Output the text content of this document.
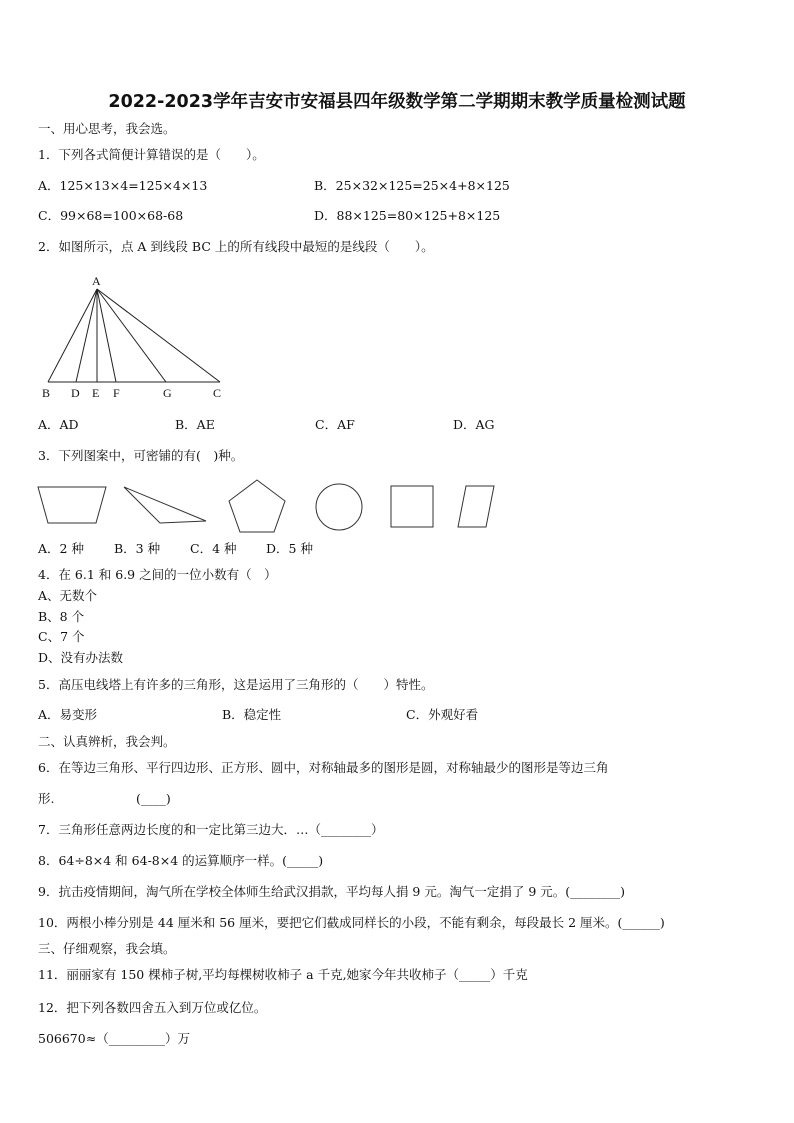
2022-2023学年吉安市安福县四年级数学第二学期期末教学质量检测试题
一、用心思考，我会选。
1．下列各式简便计算错误的是（　　）。
A．125×13×4=125×4×13	B．25×32×125=25×4+8×125
C．99×68=100×68-68	D．88×125=80×125+8×125
2．如图所示，点 A 到线段 BC 上的所有线段中最短的是线段（　　）。
A
B D E F	G	C
A．AD	B．AE	C．AF	D．AG
3．下列图案中，可密铺的有(　)种。
A．2 种 B．3 种 C．4 种 D．5 种
4．在 6.1 和 6.9 之间的一位小数有（　）
A、无数个
B、8 个
C、7 个
D、没有办法数
5．高压电线塔上有许多的三角形，这是运用了三角形的（　　）特性。
A．易变形	B．稳定性	C．外观好看
二、认真辨析，我会判。
6．在等边三角形、平行四边形、正方形、圆中，对称轴最多的图形是圆，对称轴最少的图形是等边三角
形.	(____)
7．三角形任意两边长度的和一定比第三边大．…（________）
8．64÷8×4 和 64-8×4 的运算顺序一样。(_____)
9．抗击疫情期间，淘气所在学校全体师生给武汉捐款，平均每人捐 9 元。淘气一定捐了 9 元。(________)
10．两根小棒分别是 44 厘米和 56 厘米，要把它们截成同样长的小段，不能有剩余，每段最长 2 厘米。(______)
三、仔细观察，我会填。
11．丽丽家有 150 棵柿子树,平均每棵树收柿子 a 千克,她家今年共收柿子（_____）千克
12．把下列各数四舍五入到万位或亿位。
506670≈（_________）万
